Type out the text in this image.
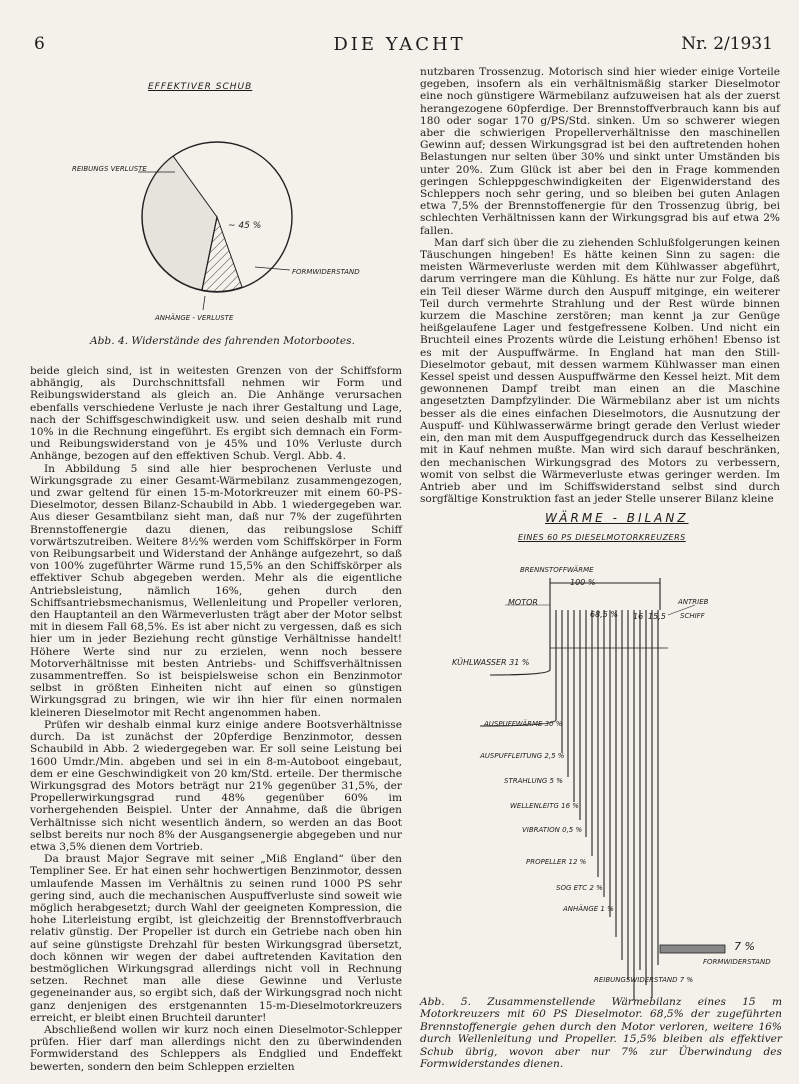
6	DIE YACHT	Nr. 2/1931
EFFEKTIVER SCHUB
REIBUNGS VERLUSTE
~ 45 %
FORMWIDERSTAND
ANHÄNGE - VERLUSTE
Abb. 4. Widerstände des fahrenden Motorbootes.

beide gleich sind, ist in weitesten Grenzen von der Schiffsform abhängig, als Durchschnittsfall nehmen wir Form und Reibungswiderstand als gleich an. Die Anhänge verursachen ebenfalls verschiedene Verluste je nach ihrer Gestaltung und Lage, nach der Schiffsgeschwindigkeit usw. und seien deshalb mit rund 10% in die Rechnung eingeführt. Es ergibt sich demnach ein Form- und Reibungswiderstand von je 45% und 10% Verluste durch Anhänge, bezogen auf den effektiven Schub. Vergl. Abb. 4.

In Abbildung 5 sind alle hier besprochenen Verluste und Wirkungsgrade zu einer Gesamt-Wärmebilanz zusammengezogen, und zwar geltend für einen 15-m-Motorkreuzer mit einem 60-PS-Dieselmotor, dessen Bilanz-Schaubild in Abb. 1 wiedergegeben war. Aus dieser Gesamtbilanz sieht man, daß nur 7% der zugeführten Brennstoffenergie dazu dienen, das reibungslose Schiff vorwärtszutreiben. Weitere 8½% werden vom Schiffskörper in Form von Reibungsarbeit und Widerstand der Anhänge aufgezehrt, so daß von 100% zugeführter Wärme rund 15,5% an den Schiffskörper als effektiver Schub abgegeben werden. Mehr als die eigentliche Antriebsleistung, nämlich 16%, gehen durch den Schiffsantriebsmechanismus, Wellenleitung und Propeller verloren, den Hauptanteil an den Wärmeverlusten trägt aber der Motor selbst mit in diesem Fall 68,5%. Es ist aber nicht zu vergessen, daß es sich hier um in jeder Beziehung recht günstige Verhältnisse handelt! Höhere Werte sind nur zu erzielen, wenn noch bessere Motorverhältnisse mit besten Antriebs- und Schiffsverhältnissen zusammentreffen. So ist beispielsweise schon ein Benzinmotor selbst in größten Einheiten nicht auf einen so günstigen Wirkungsgrad zu bringen, wie wir ihn hier für einen normalen kleineren Dieselmotor mit Recht angenommen haben.

Prüfen wir deshalb einmal kurz einige andere Bootsverhältnisse durch. Da ist zunächst der 20pferdige Benzinmotor, dessen Schaubild in Abb. 2 wiedergegeben war. Er soll seine Leistung bei 1600 Umdr./Min. abgeben und sei in ein 8-m-Autoboot eingebaut, dem er eine Geschwindigkeit von 20 km/Std. erteile. Der thermische Wirkungsgrad des Motors beträgt nur 21% gegenüber 31,5%, der Propellerwirkungsgrad rund 48% gegenüber 60% im vorhergehenden Beispiel. Unter der Annahme, daß die übrigen Verhältnisse sich nicht wesentlich ändern, so werden an das Boot selbst bereits nur noch 8% der Ausgangsenergie abgegeben und nur etwa 3,5% dienen dem Vortrieb.

Da braust Major Segrave mit seiner „Miß England“ über den Templiner See. Er hat einen sehr hochwertigen Benzinmotor, dessen umlaufende Massen im Verhältnis zu seinen rund 1000 PS sehr gering sind, auch die mechanischen Auspuffverluste sind soweit wie möglich herabgesetzt; durch Wahl der geeigneten Kompression, die hohe Literleistung ergibt, ist gleichzeitig der Brennstoffverbrauch relativ günstig. Der Propeller ist durch ein Getriebe nach oben hin auf seine günstigste Drehzahl für besten Wirkungsgrad übersetzt, doch können wir wegen der dabei auftretenden Kavitation den bestmöglichen Wirkungsgrad allerdings nicht voll in Rechnung setzen. Rechnet man alle diese Gewinne und Verluste gegeneinander aus, so ergibt sich, daß der Wirkungsgrad noch nicht ganz denjenigen des erstgenannten 15-m-Dieselmotorkreuzers erreicht, er bleibt einen Bruchteil darunter!

Abschließend wollen wir kurz noch einen Dieselmotor-Schlepper prüfen. Hier darf man allerdings nicht den zu überwindenden Formwiderstand des Schleppers als Endglied und Endeffekt bewerten, sondern den beim Schleppen erzielten

nutzbaren Trossenzug. Motorisch sind hier wieder einige Vorteile gegeben, insofern als ein verhältnismäßig starker Dieselmotor eine noch günstigere Wärmebilanz aufzuweisen hat als der zuerst herangezogene 60pferdige. Der Brennstoffverbrauch kann bis auf 180 oder sogar 170 g/PS/Std. sinken. Um so schwerer wiegen aber die schwierigen Propellerverhältnisse den maschinellen Gewinn auf; dessen Wirkungsgrad ist bei den auftretenden hohen Belastungen nur selten über 30% und sinkt unter Umständen bis unter 20%. Zum Glück ist aber bei den in Frage kommenden geringen Schleppgeschwindigkeiten der Eigenwiderstand des Schleppers noch sehr gering, und so bleiben bei guten Anlagen etwa 7,5% der Brennstoffenergie für den Trossenzug übrig, bei schlechten Verhältnissen kann der Wirkungsgrad bis auf etwa 2% fallen.

Man darf sich über die zu ziehenden Schlußfolgerungen keinen Täuschungen hingeben! Es hätte keinen Sinn zu sagen: die meisten Wärmeverluste werden mit dem Kühlwasser abgeführt, darum verringere man die Kühlung. Es hätte nur zur Folge, daß ein Teil dieser Wärme durch den Auspuff mitginge, ein weiterer Teil durch vermehrte Strahlung und der Rest würde binnen kurzem die Maschine zerstören; man kennt ja zur Genüge heißgelaufene Lager und festgefressene Kolben. Und nicht ein Bruchteil eines Prozents würde die Leistung erhöhen! Ebenso ist es mit der Auspuffwärme. In England hat man den Still-Dieselmotor gebaut, mit dessen warmem Kühlwasser man einen Kessel speist und dessen Auspuffwärme den Kessel heizt. Mit dem gewonnenen Dampf treibt man einen an die Maschine angesetzten Dampfzylinder. Die Wärmebilanz aber ist um nichts besser als die eines einfachen Dieselmotors, die Ausnutzung der Auspuff- und Kühlwasserwärme bringt gerade den Verlust wieder ein, den man mit dem Auspuffgegendruck durch das Kesselheizen mit in Kauf nehmen mußte. Man wird sich darauf beschränken, den mechanischen Wirkungsgrad des Motors zu verbessern, womit von selbst die Wärmeverluste etwas geringer werden. Im Antrieb aber und im Schiffswiderstand selbst sind durch sorgfältige Konstruktion fast an jeder Stelle unserer Bilanz kleine

WÄRME - BILANZ
EINES 60 PS DIESELMOTORKREUZERS
BRENNSTOFFWÄRME
100 %
MOTOR
68,5 % 16 15,5
ANTRIEB
SCHIFF
KÜHLWASSER 31 %
AUSPUFFWÄRME 30 %
AUSPUFFLEITUNG 2,5 %
STRAHLUNG 5 %
WELLENLEITG 16 %
VIBRATION 0,5 %
PROPELLER 12 %
SOG ETC 2 %
ANHÄNGE 1 %
7 %
FORMWIDERSTAND
REIBUNGSWIDERSTAND 7 %
Abb. 5. Zusammenstellende Wärmebilanz eines 15 m Motorkreuzers mit 60 PS Dieselmotor. 68,5% der zugeführten Brennstoffenergie gehen durch den Motor verloren, weitere 16% durch Wellenleitung und Propeller. 15,5% bleiben als effektiver Schub übrig, wovon aber nur 7% zur Überwindung des Formwiderstandes dienen.
